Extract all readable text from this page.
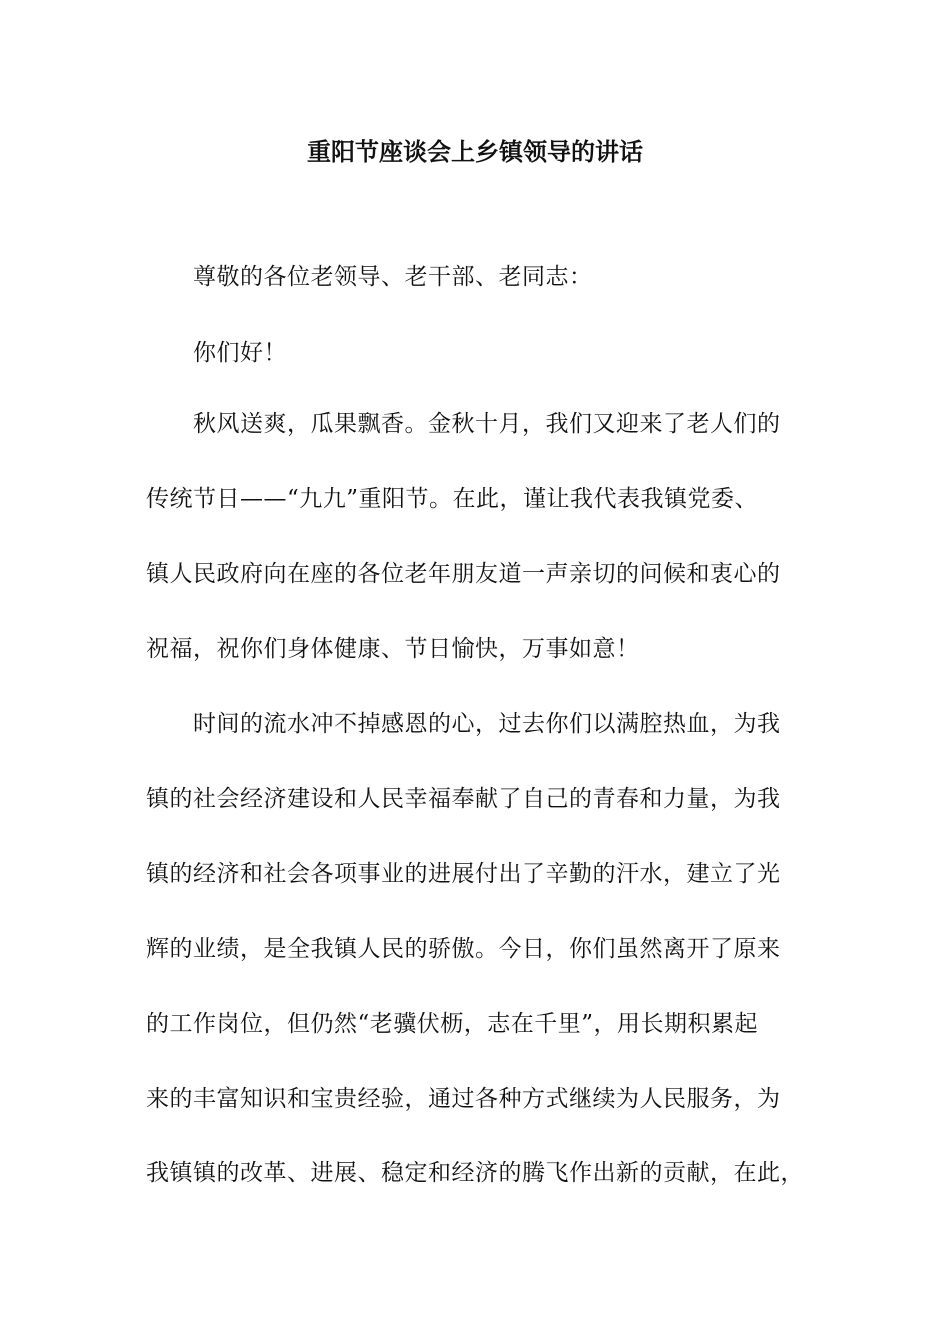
重阳节座谈会上乡镇领导的讲话
尊敬的各位老领导、老干部、老同志：
你们好！
秋风送爽，瓜果飘香。金秋十月，我们又迎来了老人们的
传统节日——“九九”重阳节。在此，谨让我代表我镇党委、
镇人民政府向在座的各位老年朋友道一声亲切的问候和衷心的
祝福，祝你们身体健康、节日愉快，万事如意！
时间的流水冲不掉感恩的心，过去你们以满腔热血，为我
镇的社会经济建设和人民幸福奉献了自己的青春和力量，为我
镇的经济和社会各项事业的进展付出了辛勤的汗水，建立了光
辉的业绩，是全我镇人民的骄傲。今日，你们虽然离开了原来
的工作岗位，但仍然“老骥伏枥，志在千里”，用长期积累起
来的丰富知识和宝贵经验，通过各种方式继续为人民服务，为
我镇镇的改革、进展、稳定和经济的腾飞作出新的贡献，在此，
